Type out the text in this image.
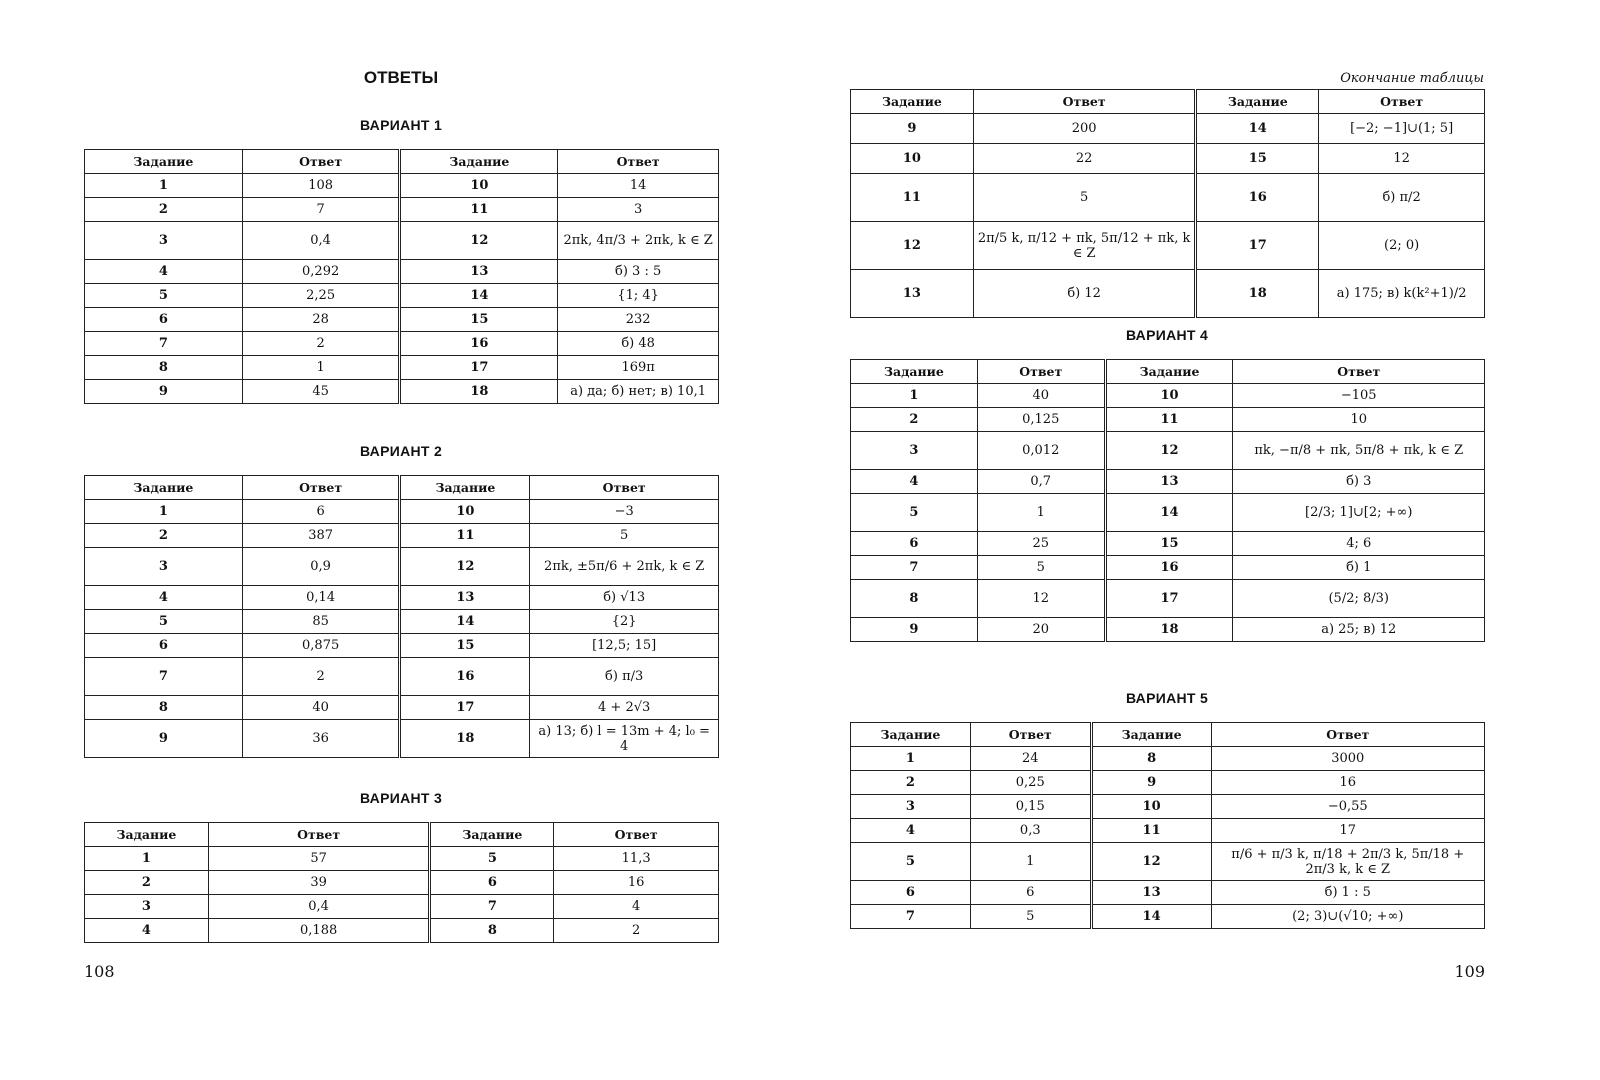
ОТВЕТЫ
ВАРИАНТ 1
Задание	Ответ	Задание	Ответ
1	108	10	14
2	7	11	3
3	0,4	12	2πk, 4π/3 + 2πk, k ∈ Z
4	0,292	13	б) 3 : 5
5	2,25	14	{1; 4}
6	28	15	232
7	2	16	б) 48
8	1	17	169π
9	45	18	а) да; б) нет; в) 10,1
ВАРИАНТ 2
Задание	Ответ	Задание	Ответ
1	6	10	−3
2	387	11	5
3	0,9	12	2πk, ±5π/6 + 2πk, k ∈ Z
4	0,14	13	б) √13
5	85	14	{2}
6	0,875	15	[12,5; 15]
7	2	16	б) π/3
8	40	17	4 + 2√3
9	36	18	а) 13; б) l = 13m + 4; l₀ = 4
ВАРИАНТ 3
Задание	Ответ	Задание	Ответ
1	57	5	11,3
2	39	6	16
3	0,4	7	4
4	0,188	8	2
108
Окончание таблицы
Задание	Ответ	Задание	Ответ
9	200	14	[−2; −1]∪(1; 5]
10	22	15	12
11	5	16	б) π/2
12	2π/5 k, π/12 + πk, 5π/12 + πk, k ∈ Z	17	(2; 0)
13	б) 12	18	а) 175; в) k(k²+1)/2
ВАРИАНТ 4
Задание	Ответ	Задание	Ответ
1	40	10	−105
2	0,125	11	10
3	0,012	12	πk, −π/8 + πk, 5π/8 + πk, k ∈ Z
4	0,7	13	б) 3
5	1	14	[2/3; 1]∪[2; +∞)
6	25	15	4; 6
7	5	16	б) 1
8	12	17	(5/2; 8/3)
9	20	18	а) 25; в) 12
ВАРИАНТ 5
Задание	Ответ	Задание	Ответ
1	24	8	3000
2	0,25	9	16
3	0,15	10	−0,55
4	0,3	11	17
5	1	12	π/6 + π/3 k, π/18 + 2π/3 k, 5π/18 + 2π/3 k, k ∈ Z
6	6	13	б) 1 : 5
7	5	14	(2; 3)∪(√10; +∞)
109
